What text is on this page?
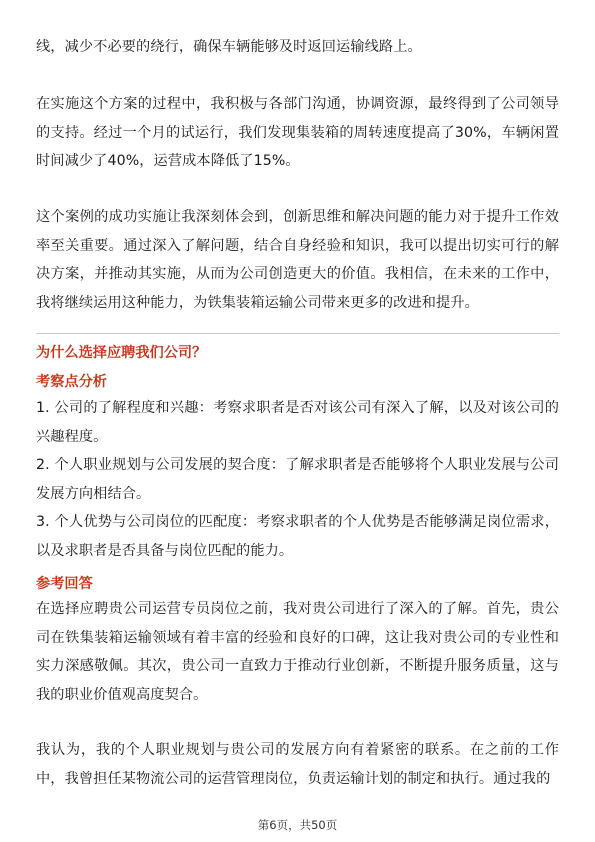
线，减少不必要的绕行，确保车辆能够及时返回运输线路上。

在实施这个方案的过程中，我积极与各部门沟通，协调资源，最终得到了公司领导的支持。经过一个月的试运行，我们发现集装箱的周转速度提高了30%，车辆闲置时间减少了40%，运营成本降低了15%。

这个案例的成功实施让我深刻体会到，创新思维和解决问题的能力对于提升工作效率至关重要。通过深入了解问题，结合自身经验和知识，我可以提出切实可行的解决方案，并推动其实施，从而为公司创造更大的价值。我相信，在未来的工作中，我将继续运用这种能力，为铁集装箱运输公司带来更多的改进和提升。

为什么选择应聘我们公司？
考察点分析

1. 公司的了解程度和兴趣：考察求职者是否对该公司有深入了解，以及对该公司的兴趣程度。

2. 个人职业规划与公司发展的契合度：了解求职者是否能够将个人职业发展与公司发展方向相结合。

3. 个人优势与公司岗位的匹配度：考察求职者的个人优势是否能够满足岗位需求，以及求职者是否具备与岗位匹配的能力。

参考回答

在选择应聘贵公司运营专员岗位之前，我对贵公司进行了深入的了解。首先，贵公司在铁集装箱运输领域有着丰富的经验和良好的口碑，这让我对贵公司的专业性和实力深感敬佩。其次，贵公司一直致力于推动行业创新，不断提升服务质量，这与我的职业价值观高度契合。

我认为，我的个人职业规划与贵公司的发展方向有着紧密的联系。在之前的工作中，我曾担任某物流公司的运营管理岗位，负责运输计划的制定和执行。通过我的

第6页，共50页
